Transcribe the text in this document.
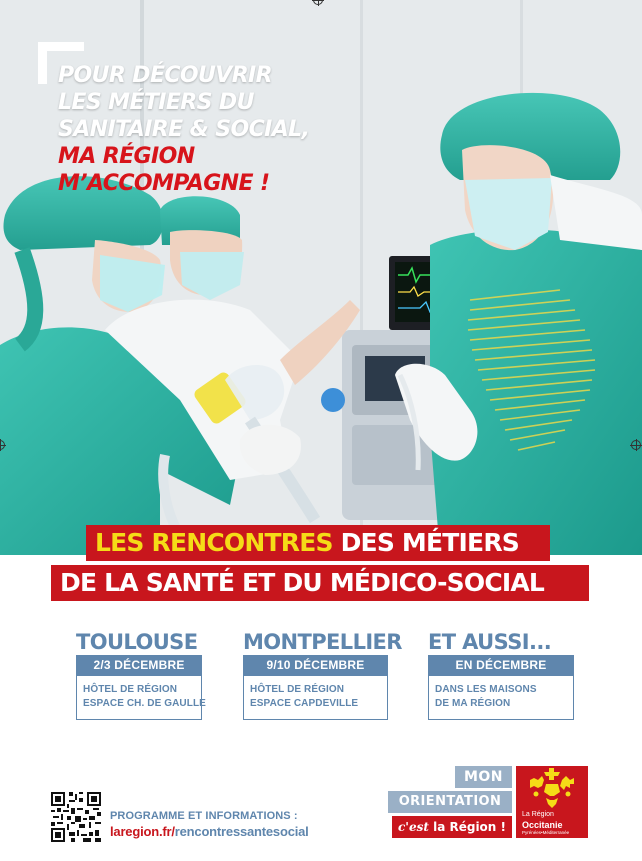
POUR DÉCOUVRIR
LES MÉTIERS DU
SANITAIRE & SOCIAL,
MA RÉGION
M’ACCOMPAGNE !
LES RENCONTRES DES MÉTIERS
DE LA SANTÉ ET DU MÉDICO-SOCIAL
TOULOUSE
2/3 DÉCEMBRE
HÔTEL DE RÉGION
ESPACE CH. DE GAULLE
MONTPELLIER
9/10 DÉCEMBRE
HÔTEL DE RÉGION
ESPACE CAPDEVILLE
ET AUSSI...
EN DÉCEMBRE
DANS LES MAISONS
DE MA RÉGION
PROGRAMME ET INFORMATIONS :
laregion.fr/rencontressantesocial
MON
ORIENTATION
c'est la Région !
La Région
Occitanie
Pyrénées•Méditerranée
